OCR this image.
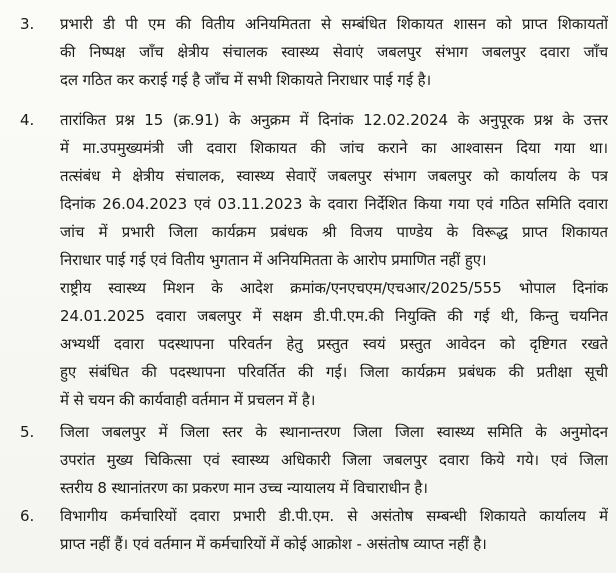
3.	प्रभारी डी पी एम की वितीय अनियमितता से सम्बंधित शिकायत शासन को प्राप्त शिकायतों
की निष्पक्ष जाँच क्षेत्रीय संचालक स्वास्थ्य सेवाएं जबलपुर संभाग जबलपुर दवारा जाँच
दल गठित कर कराई गई है जाँच में सभी शिकायते निराधार पाई गई है।
4.	तारांकित प्रश्न 15 (क्र.91) के अनुक्रम में दिनांक 12.02.2024 के अनुपूरक प्रश्न के उत्तर
में मा.उपमुख्यमंत्री जी दवारा शिकायत की जांच कराने का आश्वासन दिया गया था।
तत्संबंध मे क्षेत्रीय संचालक, स्वास्थ्य सेवाऐं जबलपुर संभाग जबलपुर को कार्यालय के पत्र
दिनांक 26.04.2023 एवं 03.11.2023 के दवारा निर्देशित किया गया एवं गठित समिति दवारा
जांच में प्रभारी जिला कार्यक्रम प्रबंधक श्री विजय पाण्डेय के विरूद्ध प्राप्त शिकायत
निराधार पाई गई एवं वितीय भुगतान में अनियमितता के आरोप प्रमाणित नहीं हुए।
राष्ट्रीय स्वास्थ्य मिशन के आदेश क्रमांक/एनएचएम/एचआर/2025/555 भोपाल दिनांक
24.01.2025 दवारा जबलपुर में सक्षम डी.पी.एम.की नियुक्ति की गई थी, किन्तु चयनित
अभ्यर्थी दवारा पदस्थापना परिवर्तन हेतु प्रस्तुत स्वयं प्रस्तुत आवेदन को दृष्टिगत रखते
हुए संबंधित की पदस्थापना परिवर्तित की गई। जिला कार्यक्रम प्रबंधक की प्रतीक्षा सूची
में से चयन की कार्यवाही वर्तमान में प्रचलन में है।
5.	जिला जबलपुर में जिला स्तर के स्थानान्तरण जिला जिला स्वास्थ्य समिति के अनुमोदन
उपरांत मुख्य चिकित्सा एवं स्वास्थ्य अधिकारी जिला जबलपुर दवारा किये गये। एवं जिला
स्तरीय 8 स्थानांतरण का प्रकरण मान उच्च न्यायालय में विचाराधीन है।
6.	विभागीय कर्मचारियों दवारा प्रभारी डी.पी.एम. से असंतोष सम्बन्धी शिकायते कार्यालय में
प्राप्त नहीं हैं। एवं वर्तमान में कर्मचारियों में कोई आक्रोश - असंतोष व्याप्त नहीं है।
